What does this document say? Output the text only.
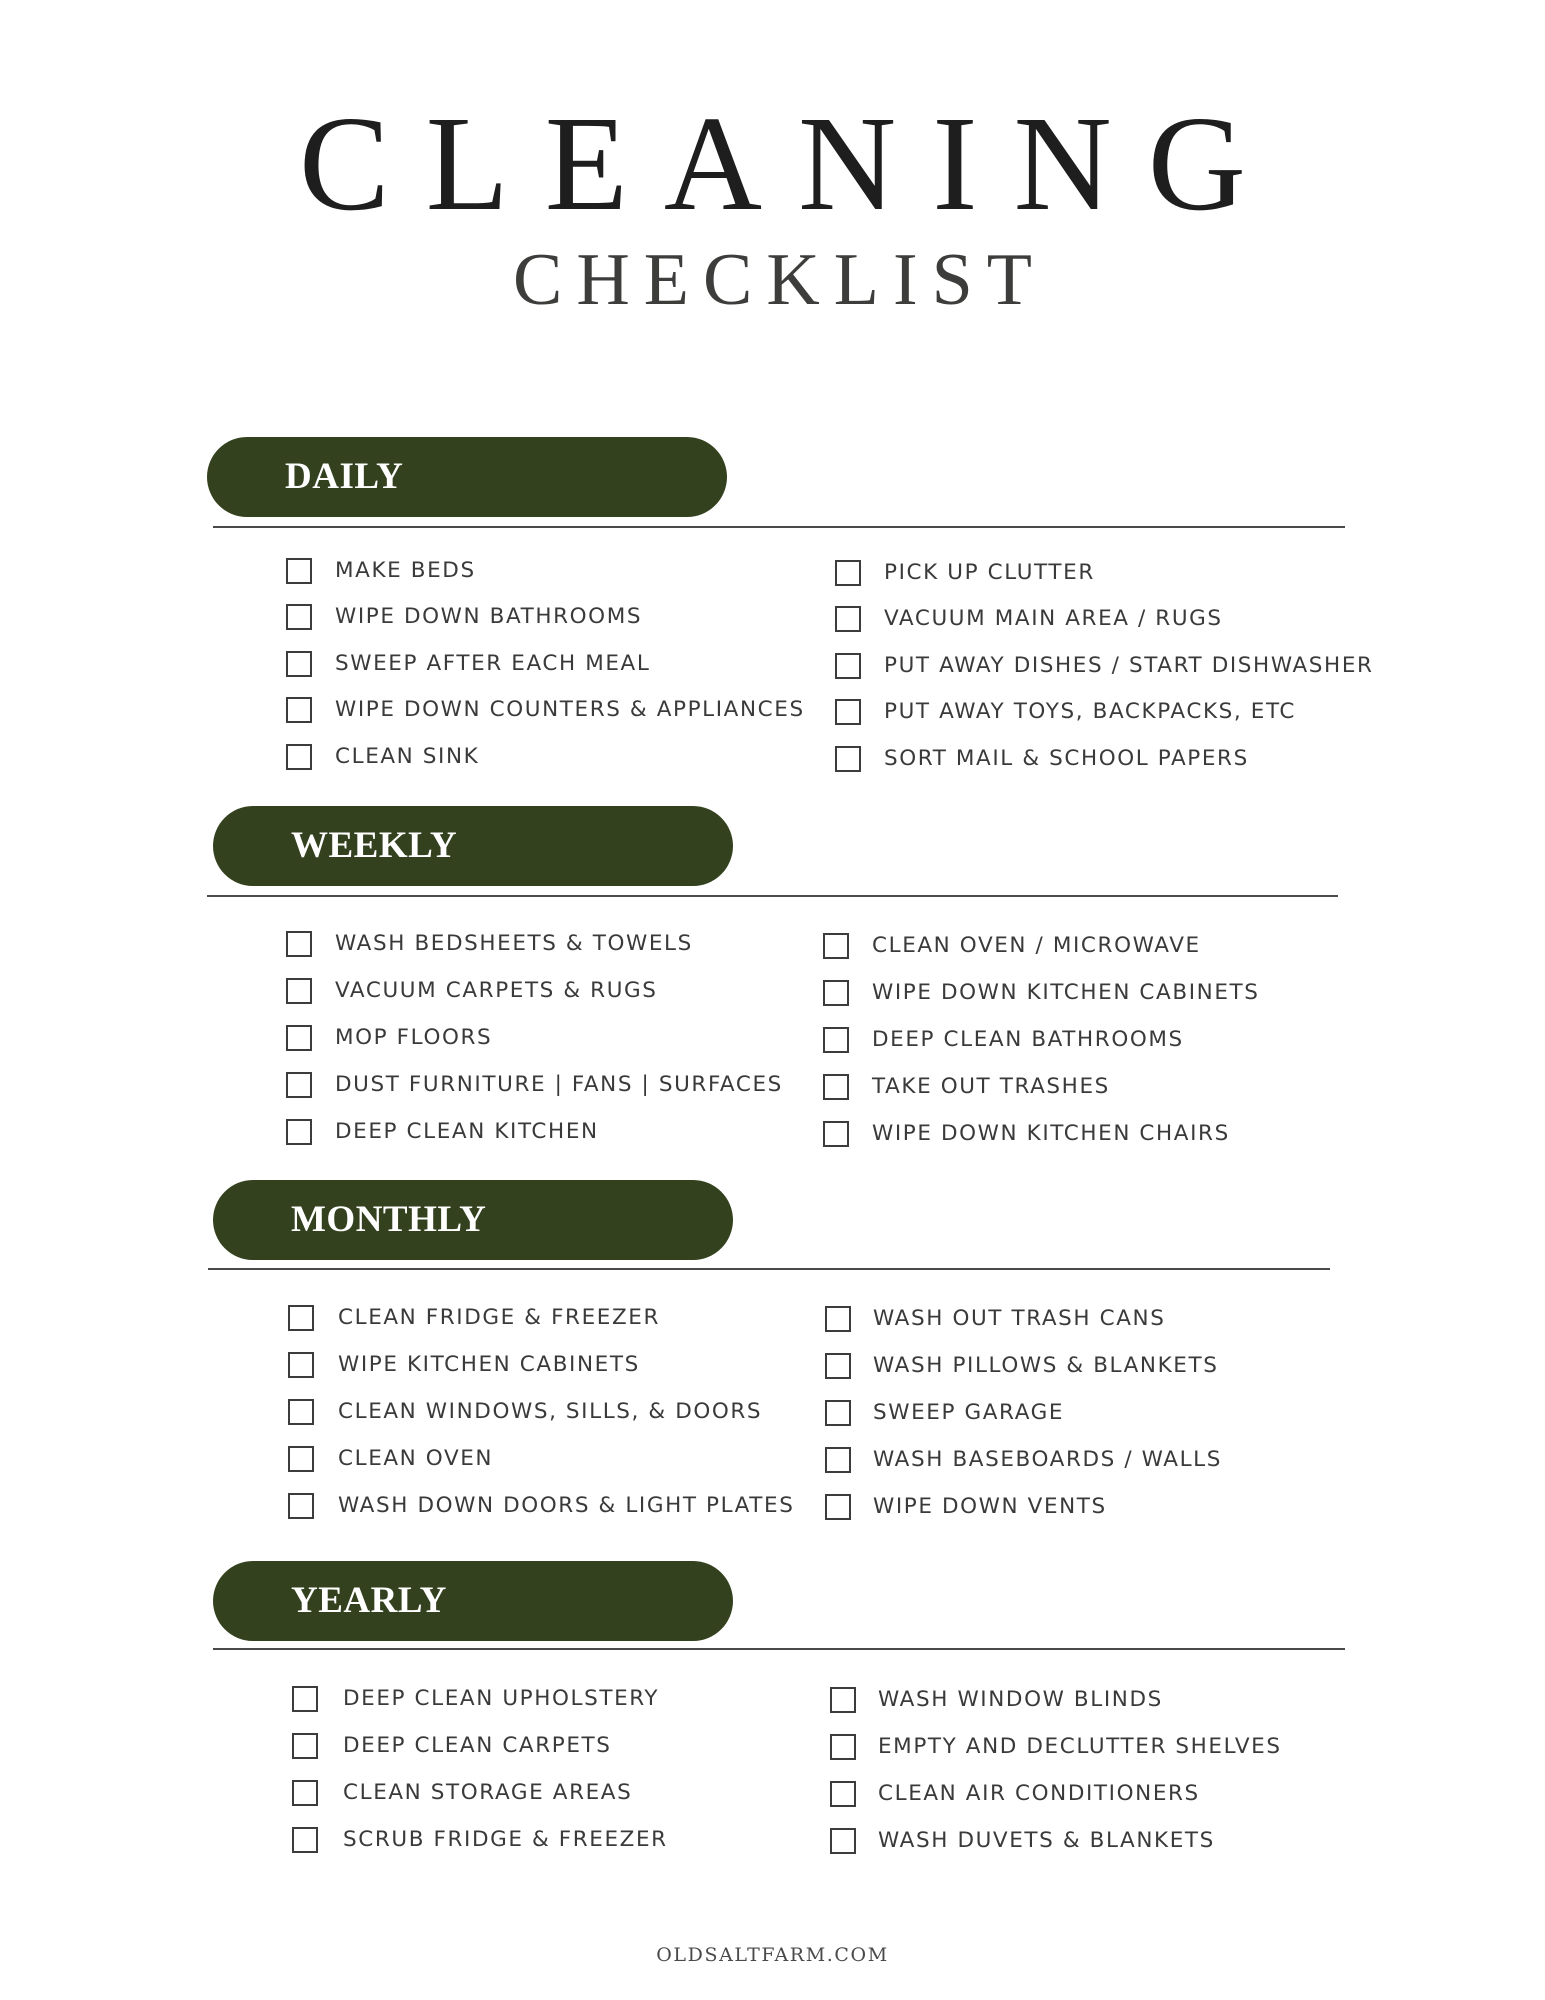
CLEANING
CHECKLIST
DAILY
MAKE BEDS
WIPE DOWN BATHROOMS
SWEEP AFTER EACH MEAL
WIPE DOWN COUNTERS & APPLIANCES
CLEAN SINK
PICK UP CLUTTER
VACUUM MAIN AREA / RUGS
PUT AWAY DISHES / START DISHWASHER
PUT AWAY TOYS, BACKPACKS, ETC
SORT MAIL & SCHOOL PAPERS
WEEKLY
WASH BEDSHEETS & TOWELS
VACUUM CARPETS & RUGS
MOP FLOORS
DUST FURNITURE | FANS | SURFACES
DEEP CLEAN KITCHEN
CLEAN OVEN / MICROWAVE
WIPE DOWN KITCHEN CABINETS
DEEP CLEAN BATHROOMS
TAKE OUT TRASHES
WIPE DOWN KITCHEN CHAIRS
MONTHLY
CLEAN FRIDGE & FREEZER
WIPE KITCHEN CABINETS
CLEAN WINDOWS, SILLS, & DOORS
CLEAN OVEN
WASH DOWN DOORS & LIGHT PLATES
WASH OUT TRASH CANS
WASH PILLOWS & BLANKETS
SWEEP GARAGE
WASH BASEBOARDS / WALLS
WIPE DOWN VENTS
YEARLY
DEEP CLEAN UPHOLSTERY
DEEP CLEAN CARPETS
CLEAN STORAGE AREAS
SCRUB FRIDGE & FREEZER
WASH WINDOW BLINDS
EMPTY AND DECLUTTER SHELVES
CLEAN AIR CONDITIONERS
WASH DUVETS & BLANKETS
OLDSALTFARM.COM
